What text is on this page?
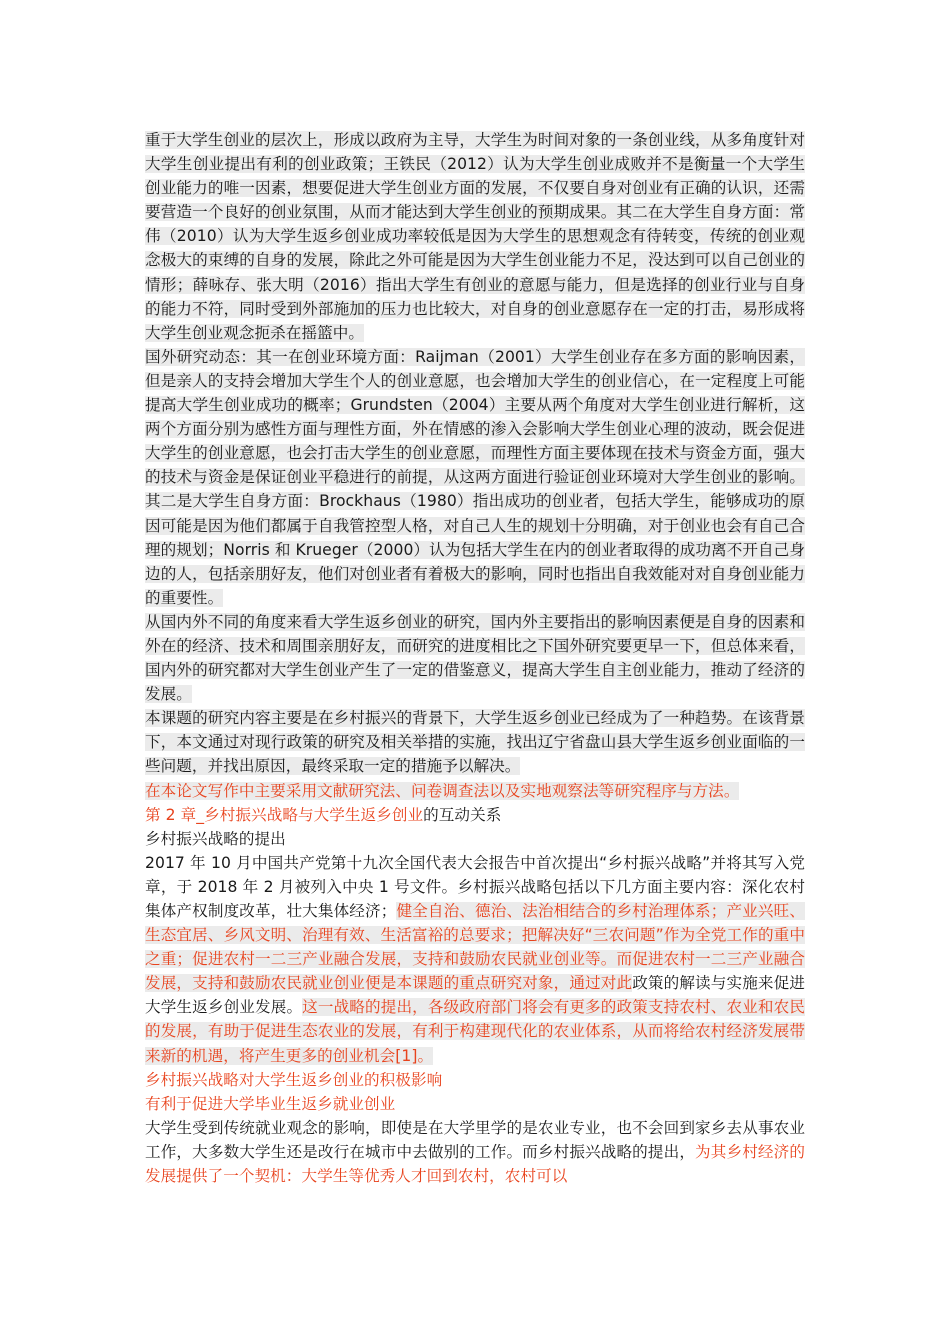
重于大学生创业的层次上，形成以政府为主导，大学生为时间对象的一条创业线，从多角度针对大学生创业提出有利的创业政策；王铁民（2012）认为大学生创业成败并不是衡量一个大学生创业能力的唯一因素，想要促进大学生创业方面的发展，不仅要自身对创业有正确的认识，还需要营造一个良好的创业氛围，从而才能达到大学生创业的预期成果。其二在大学生自身方面：常伟（2010）认为大学生返乡创业成功率较低是因为大学生的思想观念有待转变，传统的创业观念极大的束缚的自身的发展，除此之外可能是因为大学生创业能力不足，没达到可以自己创业的情形；薛咏存、张大明（2016）指出大学生有创业的意愿与能力，但是选择的创业行业与自身的能力不符，同时受到外部施加的压力也比较大，对自身的创业意愿存在一定的打击，易形成将大学生创业观念扼杀在摇篮中。

国外研究动态：其一在创业环境方面：Raijman（2001）大学生创业存在多方面的影响因素，但是亲人的支持会增加大学生个人的创业意愿，也会增加大学生的创业信心，在一定程度上可能提高大学生创业成功的概率；Grundsten（2004）主要从两个角度对大学生创业进行解析，这两个方面分别为感性方面与理性方面，外在情感的渗入会影响大学生创业心理的波动，既会促进大学生的创业意愿，也会打击大学生的创业意愿，而理性方面主要体现在技术与资金方面，强大的技术与资金是保证创业平稳进行的前提，从这两方面进行验证创业环境对大学生创业的影响。其二是大学生自身方面：Brockhaus（1980）指出成功的创业者，包括大学生，能够成功的原因可能是因为他们都属于自我管控型人格，对自己人生的规划十分明确，对于创业也会有自己合理的规划；Norris 和 Krueger（2000）认为包括大学生在内的创业者取得的成功离不开自己身边的人，包括亲朋好友，他们对创业者有着极大的影响，同时也指出自我效能对对自身创业能力的重要性。

从国内外不同的角度来看大学生返乡创业的研究，国内外主要指出的影响因素便是自身的因素和外在的经济、技术和周围亲朋好友，而研究的进度相比之下国外研究要更早一下，但总体来看，国内外的研究都对大学生创业产生了一定的借鉴意义，提高大学生自主创业能力，推动了经济的发展。

本课题的研究内容主要是在乡村振兴的背景下，大学生返乡创业已经成为了一种趋势。在该背景下，本文通过对现行政策的研究及相关举措的实施，找出辽宁省盘山县大学生返乡创业面临的一些问题，并找出原因，最终采取一定的措施予以解决。

在本论文写作中主要采用文献研究法、问卷调查法以及实地观察法等研究程序与方法。

第 2 章_乡村振兴战略与大学生返乡创业的互动关系

乡村振兴战略的提出

2017 年 10 月中国共产党第十九次全国代表大会报告中首次提出“乡村振兴战略”并将其写入党章，于 2018 年 2 月被列入中央 1 号文件。乡村振兴战略包括以下几方面主要内容：深化农村集体产权制度改革，壮大集体经济；健全自治、德治、法治相结合的乡村治理体系；产业兴旺、生态宜居、乡风文明、治理有效、生活富裕的总要求；把解决好“三农问题”作为全党工作的重中之重；促进农村一二三产业融合发展，支持和鼓励农民就业创业等。而促进农村一二三产业融合发展，支持和鼓励农民就业创业便是本课题的重点研究对象，通过对此政策的解读与实施来促进大学生返乡创业发展。这一战略的提出，各级政府部门将会有更多的政策支持农村、农业和农民的发展，有助于促进生态农业的发展，有利于构建现代化的农业体系，从而将给农村经济发展带来新的机遇，将产生更多的创业机会[1]。

乡村振兴战略对大学生返乡创业的积极影响

有利于促进大学毕业生返乡就业创业

大学生受到传统就业观念的影响，即使是在大学里学的是农业专业，也不会回到家乡去从事农业工作，大多数大学生还是改行在城市中去做别的工作。而乡村振兴战略的提出，为其乡村经济的发展提供了一个契机：大学生等优秀人才回到农村，农村可以
